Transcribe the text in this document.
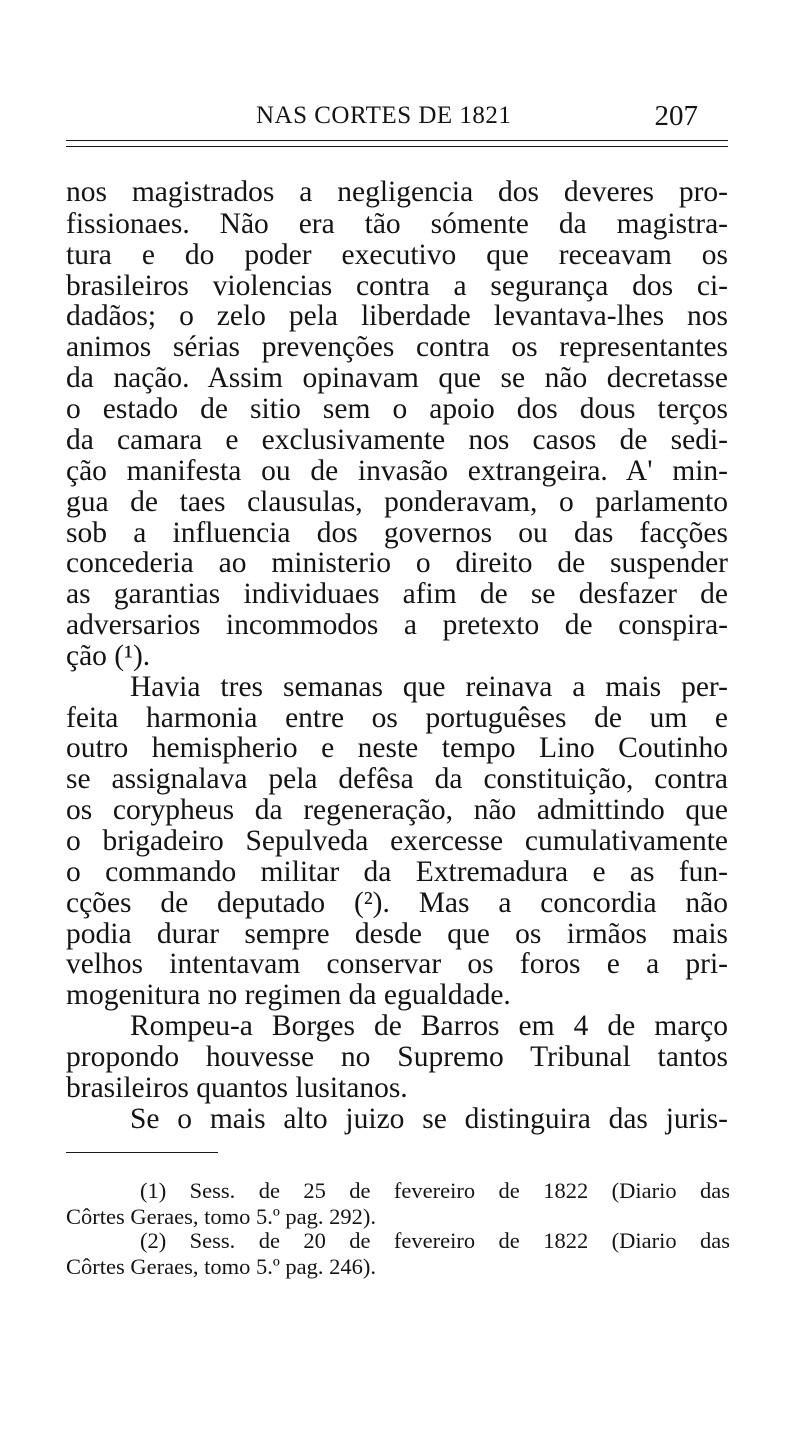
NAS CORTES DE 1821	207
nos magistrados a negligencia dos deveres pro-
fissionaes. Não era tão sómente da magistra-
tura e do poder executivo que receavam os
brasileiros violencias contra a segurança dos ci-
dadãos; o zelo pela liberdade levantava-lhes nos
animos sérias prevenções contra os representantes
da nação. Assim opinavam que se não decretasse
o estado de sitio sem o apoio dos dous terços
da camara e exclusivamente nos casos de sedi-
ção manifesta ou de invasão extrangeira. A' min-
gua de taes clausulas, ponderavam, o parlamento
sob a influencia dos governos ou das facções
concederia ao ministerio o direito de suspender
as garantias individuaes afim de se desfazer de
adversarios incommodos a pretexto de conspira-
ção (¹).
Havia tres semanas que reinava a mais per-
feita harmonia entre os portuguêses de um e
outro hemispherio e neste tempo Lino Coutinho
se assignalava pela defêsa da constituição, contra
os corypheus da regeneração, não admittindo que
o brigadeiro Sepulveda exercesse cumulativamente
o commando militar da Extremadura e as fun-
cções de deputado (²). Mas a concordia não
podia durar sempre desde que os irmãos mais
velhos intentavam conservar os foros e a pri-
mogenitura no regimen da egualdade.
Rompeu-a Borges de Barros em 4 de março
propondo houvesse no Supremo Tribunal tantos
brasileiros quantos lusitanos.
Se o mais alto juizo se distinguira das juris-
(1) Sess. de 25 de fevereiro de 1822 (Diario das
Côrtes Geraes, tomo 5.º pag. 292).
(2) Sess. de 20 de fevereiro de 1822 (Diario das
Côrtes Geraes, tomo 5.º pag. 246).
